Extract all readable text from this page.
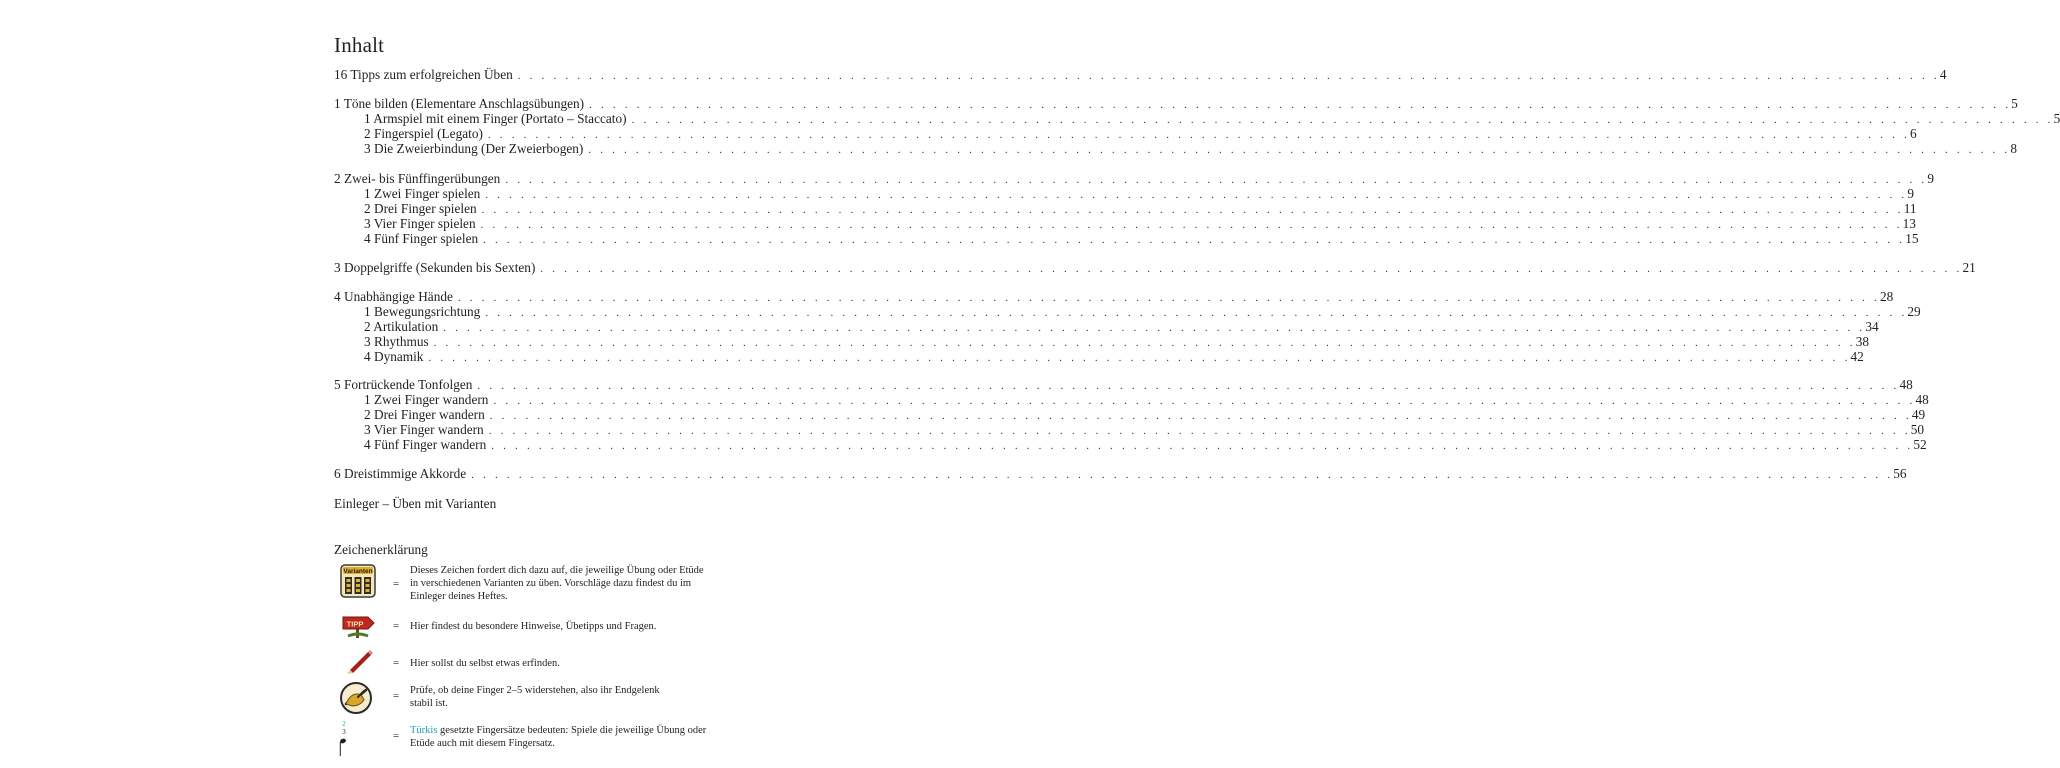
Inhalt
16 Tipps zum erfolgreichen Üben . . . . . . . . . . . . . . . . . . . . . . . . . . . . . . . . . . . . . . . . . . . . . . . . . . . . . . . . . . . . . . . . . . . . . . . . . . . . . . . . . . . . . . . . . . . . . . . . . . . . . . . . . . . . . . . . . . . . . . . . 4
1 Töne bilden (Elementare Anschlagsübungen) . . . . . . . . . . . . . . . . . . . . . . . . . . . . . . . . . . . . . . . . . . . . . . . . . . . . . . . . . . . . . . . . . . . . . . . . . . . . . . . . . . . . . . . . . . . . . . . . . . . . . . . . . . . . . . . . . . . . . . . . 5
1 Armspiel mit einem Finger (Portato – Staccato) . . . . . . . . . . . . . . . . . . . . . . . . . . . . . . . . . . . . . . . . . . . . . . . . . . . . . . . . . . . . . . . . . . . . . . . . . . . . . . . . . . . . . . . . . . . . . . . . . . . . . . . . . . . . . . . . . . . . . . . . 5
2 Fingerspiel (Legato) . . . . . . . . . . . . . . . . . . . . . . . . . . . . . . . . . . . . . . . . . . . . . . . . . . . . . . . . . . . . . . . . . . . . . . . . . . . . . . . . . . . . . . . . . . . . . . . . . . . . . . . . . . . . . . . . . . . . . . . . 6
3 Die Zweierbindung (Der Zweierbogen) . . . . . . . . . . . . . . . . . . . . . . . . . . . . . . . . . . . . . . . . . . . . . . . . . . . . . . . . . . . . . . . . . . . . . . . . . . . . . . . . . . . . . . . . . . . . . . . . . . . . . . . . . . . . . . . . . . . . . . . . 8
2 Zwei- bis Fünffingerübungen . . . . . . . . . . . . . . . . . . . . . . . . . . . . . . . . . . . . . . . . . . . . . . . . . . . . . . . . . . . . . . . . . . . . . . . . . . . . . . . . . . . . . . . . . . . . . . . . . . . . . . . . . . . . . . . . . . . . . . . . 9
1 Zwei Finger spielen . . . . . . . . . . . . . . . . . . . . . . . . . . . . . . . . . . . . . . . . . . . . . . . . . . . . . . . . . . . . . . . . . . . . . . . . . . . . . . . . . . . . . . . . . . . . . . . . . . . . . . . . . . . . . . . . . . . . . . . . 9
2 Drei Finger spielen . . . . . . . . . . . . . . . . . . . . . . . . . . . . . . . . . . . . . . . . . . . . . . . . . . . . . . . . . . . . . . . . . . . . . . . . . . . . . . . . . . . . . . . . . . . . . . . . . . . . . . . . . . . . . . . . . . . . . . . . 11
3 Vier Finger spielen . . . . . . . . . . . . . . . . . . . . . . . . . . . . . . . . . . . . . . . . . . . . . . . . . . . . . . . . . . . . . . . . . . . . . . . . . . . . . . . . . . . . . . . . . . . . . . . . . . . . . . . . . . . . . . . . . . . . . . . . 13
4 Fünf Finger spielen . . . . . . . . . . . . . . . . . . . . . . . . . . . . . . . . . . . . . . . . . . . . . . . . . . . . . . . . . . . . . . . . . . . . . . . . . . . . . . . . . . . . . . . . . . . . . . . . . . . . . . . . . . . . . . . . . . . . . . . . 15
3 Doppelgriffe (Sekunden bis Sexten) . . . . . . . . . . . . . . . . . . . . . . . . . . . . . . . . . . . . . . . . . . . . . . . . . . . . . . . . . . . . . . . . . . . . . . . . . . . . . . . . . . . . . . . . . . . . . . . . . . . . . . . . . . . . . . . . . . . . . . . . 21
4 Unabhängige Hände . . . . . . . . . . . . . . . . . . . . . . . . . . . . . . . . . . . . . . . . . . . . . . . . . . . . . . . . . . . . . . . . . . . . . . . . . . . . . . . . . . . . . . . . . . . . . . . . . . . . . . . . . . . . . . . . . . . . . . . . 28
1 Bewegungsrichtung . . . . . . . . . . . . . . . . . . . . . . . . . . . . . . . . . . . . . . . . . . . . . . . . . . . . . . . . . . . . . . . . . . . . . . . . . . . . . . . . . . . . . . . . . . . . . . . . . . . . . . . . . . . . . . . . . . . . . . . . 29
2 Artikulation . . . . . . . . . . . . . . . . . . . . . . . . . . . . . . . . . . . . . . . . . . . . . . . . . . . . . . . . . . . . . . . . . . . . . . . . . . . . . . . . . . . . . . . . . . . . . . . . . . . . . . . . . . . . . . . . . . . . . . . . 34
3 Rhythmus . . . . . . . . . . . . . . . . . . . . . . . . . . . . . . . . . . . . . . . . . . . . . . . . . . . . . . . . . . . . . . . . . . . . . . . . . . . . . . . . . . . . . . . . . . . . . . . . . . . . . . . . . . . . . . . . . . . . . . . . 38
4 Dynamik . . . . . . . . . . . . . . . . . . . . . . . . . . . . . . . . . . . . . . . . . . . . . . . . . . . . . . . . . . . . . . . . . . . . . . . . . . . . . . . . . . . . . . . . . . . . . . . . . . . . . . . . . . . . . . . . . . . . . . . . 42
5 Fortrückende Tonfolgen . . . . . . . . . . . . . . . . . . . . . . . . . . . . . . . . . . . . . . . . . . . . . . . . . . . . . . . . . . . . . . . . . . . . . . . . . . . . . . . . . . . . . . . . . . . . . . . . . . . . . . . . . . . . . . . . . . . . . . . . 48
1 Zwei Finger wandern . . . . . . . . . . . . . . . . . . . . . . . . . . . . . . . . . . . . . . . . . . . . . . . . . . . . . . . . . . . . . . . . . . . . . . . . . . . . . . . . . . . . . . . . . . . . . . . . . . . . . . . . . . . . . . . . . . . . . . . . 48
2 Drei Finger wandern . . . . . . . . . . . . . . . . . . . . . . . . . . . . . . . . . . . . . . . . . . . . . . . . . . . . . . . . . . . . . . . . . . . . . . . . . . . . . . . . . . . . . . . . . . . . . . . . . . . . . . . . . . . . . . . . . . . . . . . . 49
3 Vier Finger wandern . . . . . . . . . . . . . . . . . . . . . . . . . . . . . . . . . . . . . . . . . . . . . . . . . . . . . . . . . . . . . . . . . . . . . . . . . . . . . . . . . . . . . . . . . . . . . . . . . . . . . . . . . . . . . . . . . . . . . . . . 50
4 Fünf Finger wandern . . . . . . . . . . . . . . . . . . . . . . . . . . . . . . . . . . . . . . . . . . . . . . . . . . . . . . . . . . . . . . . . . . . . . . . . . . . . . . . . . . . . . . . . . . . . . . . . . . . . . . . . . . . . . . . . . . . . . . . . 52
6 Dreistimmige Akkorde . . . . . . . . . . . . . . . . . . . . . . . . . . . . . . . . . . . . . . . . . . . . . . . . . . . . . . . . . . . . . . . . . . . . . . . . . . . . . . . . . . . . . . . . . . . . . . . . . . . . . . . . . . . . . . . . . . . . . . . . 56
Einleger – Üben mit Varianten
Zeichenerklärung
Varianten
=
Dieses Zeichen fordert dich dazu auf, die jeweilige Übung oder Etüde in verschiedenen Varianten zu üben. Vorschläge dazu findest du im Einleger deines Heftes.
TIPP	= Hier findest du besondere Hinweise, Übetipps und Fragen.
= Hier sollst du selbst etwas erfinden.
= Prüfe, ob deine Finger 2–5 widerstehen, also ihr Endgelenk stabil ist.
2
3	= Türkis gesetzte Fingersätze bedeuten: Spiele die jeweilige Übung oder Etüde auch mit diesem Fingersatz.
